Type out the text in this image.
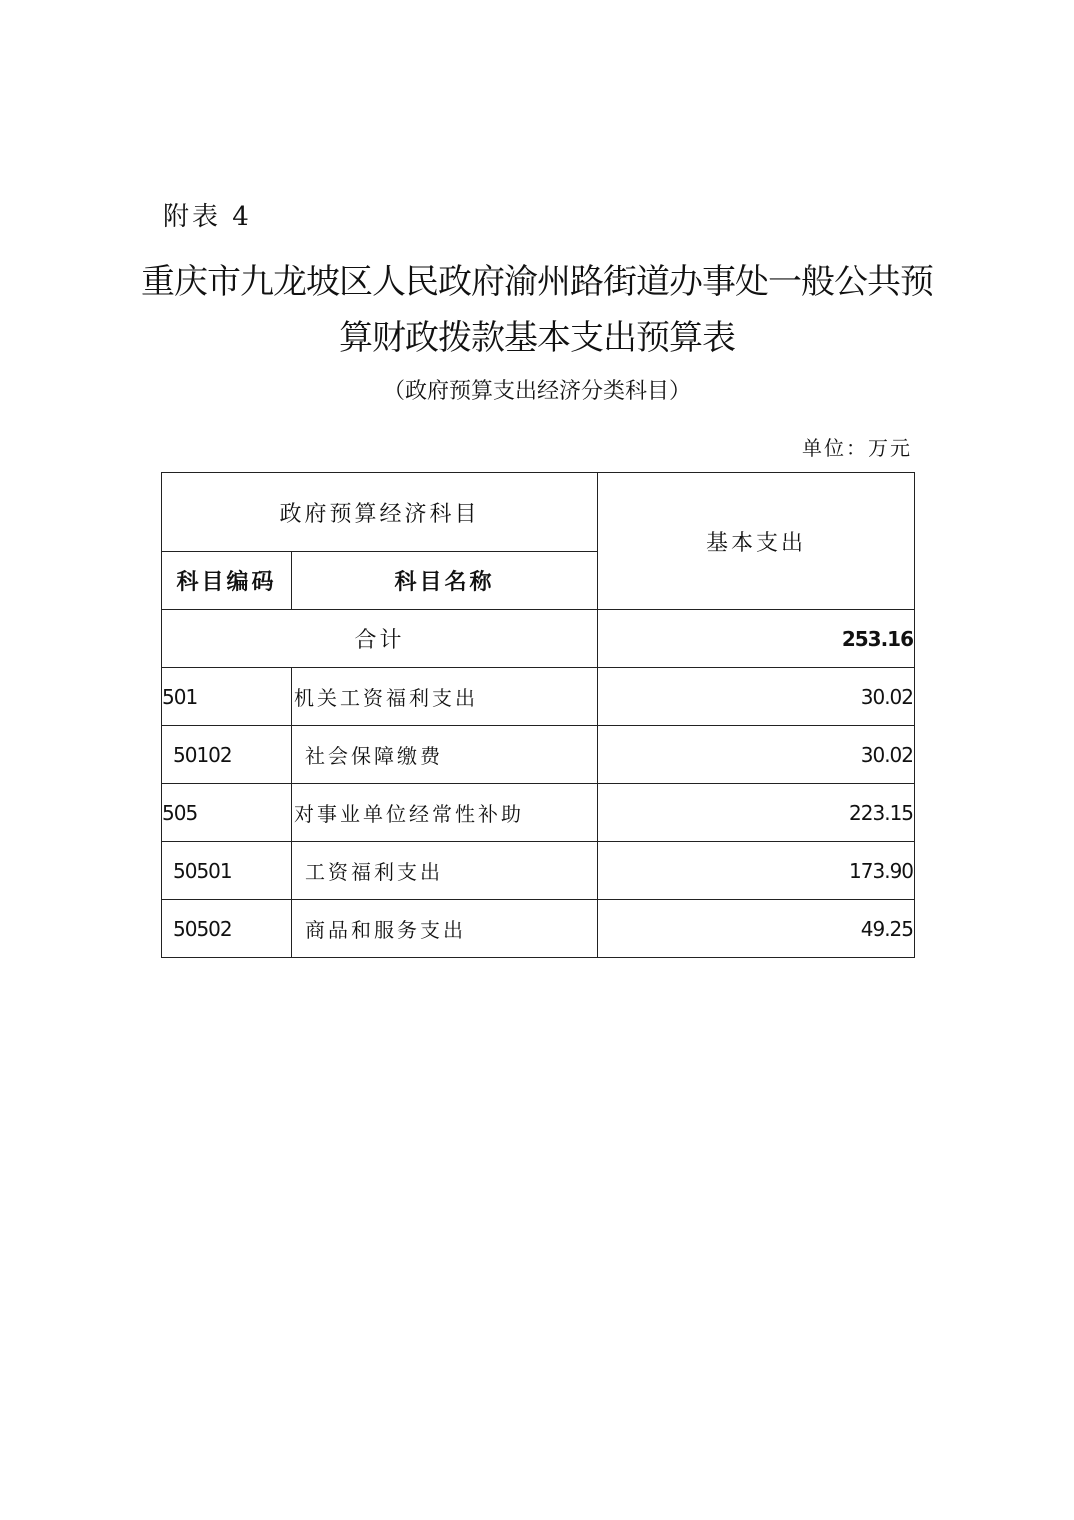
附表 4
重庆市九龙坡区人民政府渝州路街道办事处一般公共预
算财政拨款基本支出预算表
（政府预算支出经济分类科目）
单位：万元
政府预算经济科目		基本支出
科目编码	科目名称	
合计		253.16
501	机关工资福利支出	30.02
50102	社会保障缴费	30.02
505	对事业单位经常性补助	223.15
50501	工资福利支出	173.90
50502	商品和服务支出	49.25
